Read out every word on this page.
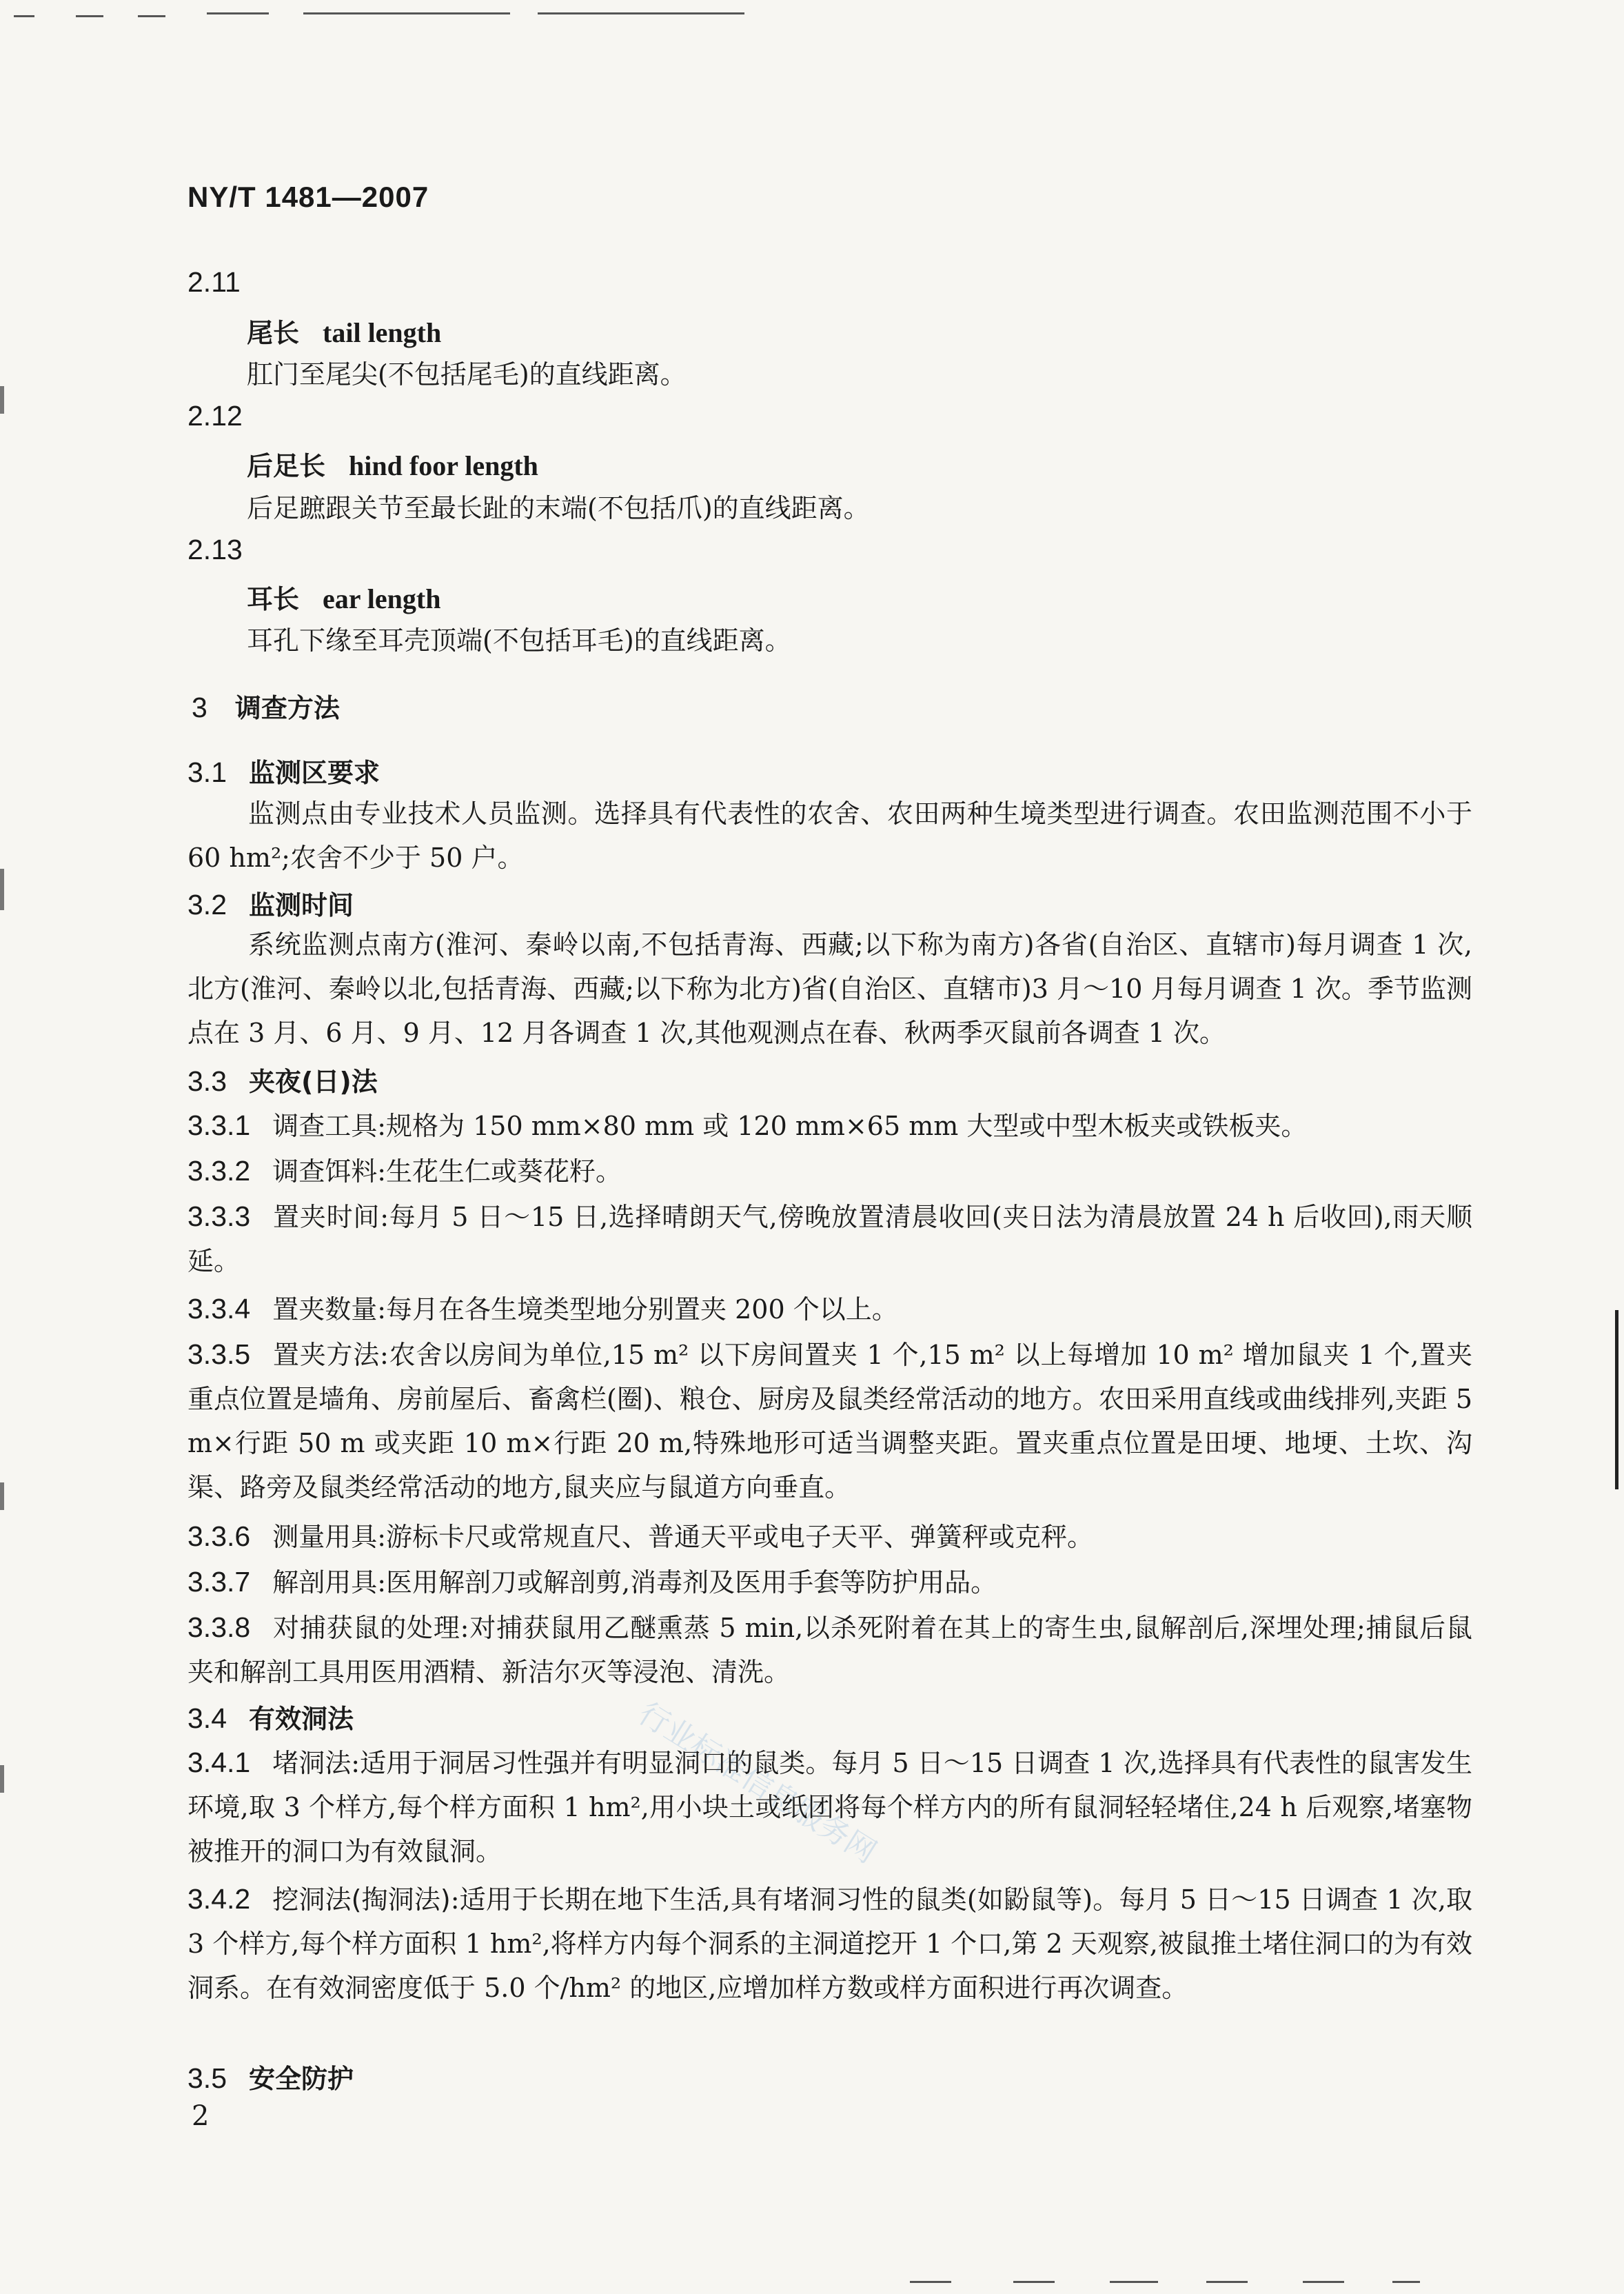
行业标准信息服务网
NY/T 1481—2007
2.11
尾长 tail length
肛门至尾尖(不包括尾毛)的直线距离。
2.12
后足长 hind foor length
后足蹠跟关节至最长趾的末端(不包括爪)的直线距离。
2.13
耳长 ear length
耳孔下缘至耳壳顶端(不包括耳毛)的直线距离。
3 调查方法
3.1 监测区要求
监测点由专业技术人员监测。选择具有代表性的农舍、农田两种生境类型进行调查。农田监测范围不小于 60 hm²;农舍不少于 50 户。
3.2 监测时间
系统监测点南方(淮河、秦岭以南,不包括青海、西藏;以下称为南方)各省(自治区、直辖市)每月调查 1 次,北方(淮河、秦岭以北,包括青海、西藏;以下称为北方)省(自治区、直辖市)3 月～10 月每月调查 1 次。季节监测点在 3 月、6 月、9 月、12 月各调查 1 次,其他观测点在春、秋两季灭鼠前各调查 1 次。
3.3 夹夜(日)法
3.3.1 调查工具:规格为 150 mm×80 mm 或 120 mm×65 mm 大型或中型木板夹或铁板夹。
3.3.2 调查饵料:生花生仁或葵花籽。
3.3.3 置夹时间:每月 5 日～15 日,选择晴朗天气,傍晚放置清晨收回(夹日法为清晨放置 24 h 后收回),雨天顺延。
3.3.4 置夹数量:每月在各生境类型地分别置夹 200 个以上。
3.3.5 置夹方法:农舍以房间为单位,15 m² 以下房间置夹 1 个,15 m² 以上每增加 10 m² 增加鼠夹 1 个,置夹重点位置是墙角、房前屋后、畜禽栏(圈)、粮仓、厨房及鼠类经常活动的地方。农田采用直线或曲线排列,夹距 5 m×行距 50 m 或夹距 10 m×行距 20 m,特殊地形可适当调整夹距。置夹重点位置是田埂、地埂、土坎、沟渠、路旁及鼠类经常活动的地方,鼠夹应与鼠道方向垂直。
3.3.6 测量用具:游标卡尺或常规直尺、普通天平或电子天平、弹簧秤或克秤。
3.3.7 解剖用具:医用解剖刀或解剖剪,消毒剂及医用手套等防护用品。
3.3.8 对捕获鼠的处理:对捕获鼠用乙醚熏蒸 5 min,以杀死附着在其上的寄生虫,鼠解剖后,深埋处理;捕鼠后鼠夹和解剖工具用医用酒精、新洁尔灭等浸泡、清洗。
3.4 有效洞法
3.4.1 堵洞法:适用于洞居习性强并有明显洞口的鼠类。每月 5 日～15 日调查 1 次,选择具有代表性的鼠害发生环境,取 3 个样方,每个样方面积 1 hm²,用小块土或纸团将每个样方内的所有鼠洞轻轻堵住,24 h 后观察,堵塞物被推开的洞口为有效鼠洞。
3.4.2 挖洞法(掏洞法):适用于长期在地下生活,具有堵洞习性的鼠类(如鼢鼠等)。每月 5 日～15 日调查 1 次,取 3 个样方,每个样方面积 1 hm²,将样方内每个洞系的主洞道挖开 1 个口,第 2 天观察,被鼠推土堵住洞口的为有效洞系。在有效洞密度低于 5.0 个/hm² 的地区,应增加样方数或样方面积进行再次调查。
3.5 安全防护
2
